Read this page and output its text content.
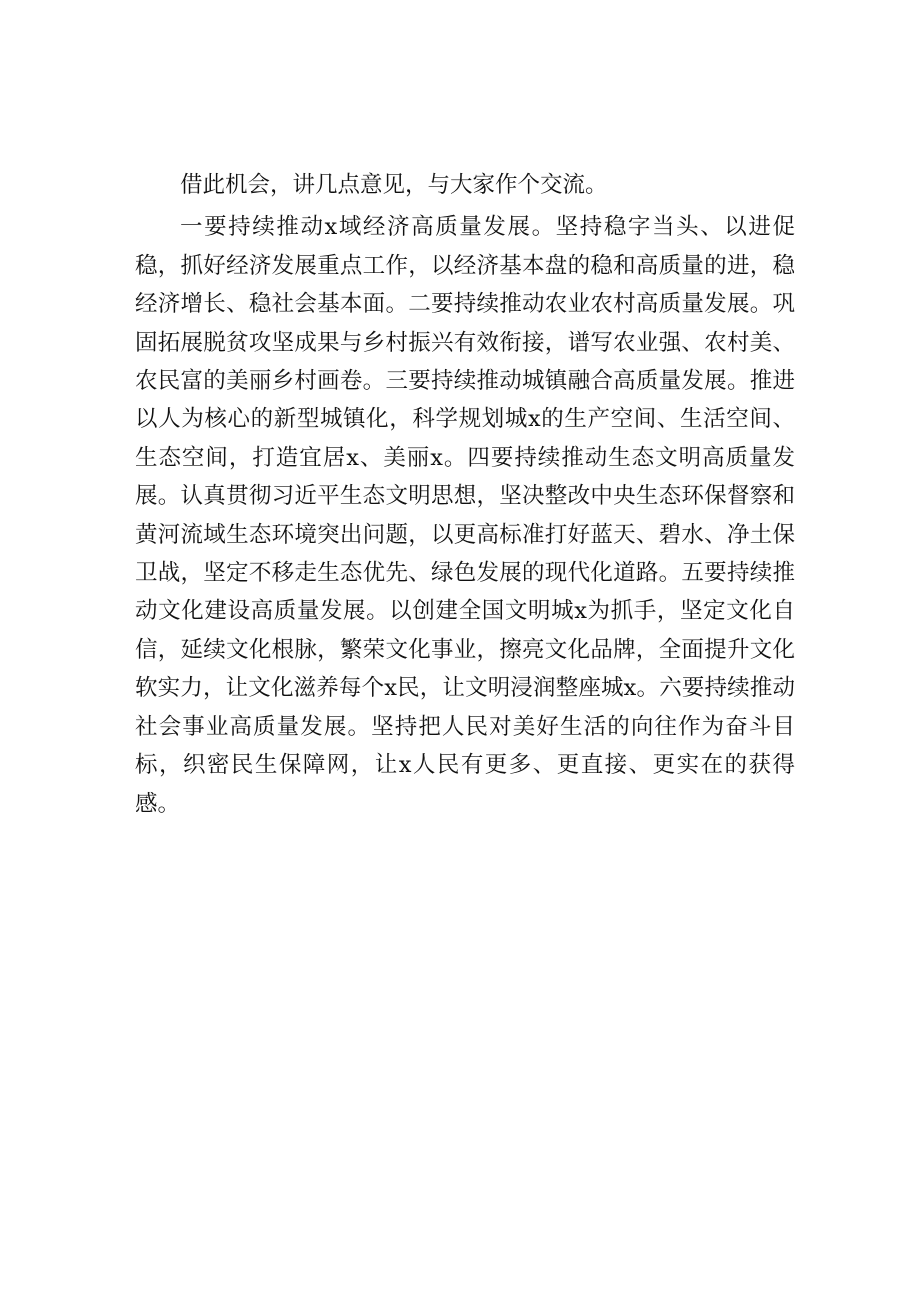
借此机会，讲几点意见，与大家作个交流。

一要持续推动x域经济高质量发展。坚持稳字当头、以进促稳，抓好经济发展重点工作，以经济基本盘的稳和高质量的进，稳经济增长、稳社会基本面。二要持续推动农业农村高质量发展。巩固拓展脱贫攻坚成果与乡村振兴有效衔接，谱写农业强、农村美、农民富的美丽乡村画卷。三要持续推动城镇融合高质量发展。推进以人为核心的新型城镇化，科学规划城x的生产空间、生活空间、生态空间，打造宜居x、美丽x。四要持续推动生态文明高质量发展。认真贯彻习近平生态文明思想，坚决整改中央生态环保督察和黄河流域生态环境突出问题，以更高标准打好蓝天、碧水、净土保卫战，坚定不移走生态优先、绿色发展的现代化道路。五要持续推动文化建设高质量发展。以创建全国文明城x为抓手，坚定文化自信，延续文化根脉，繁荣文化事业，擦亮文化品牌，全面提升文化软实力，让文化滋养每个x民，让文明浸润整座城x。六要持续推动社会事业高质量发展。坚持把人民对美好生活的向往作为奋斗目标，织密民生保障网，让x人民有更多、更直接、更实在的获得感。
